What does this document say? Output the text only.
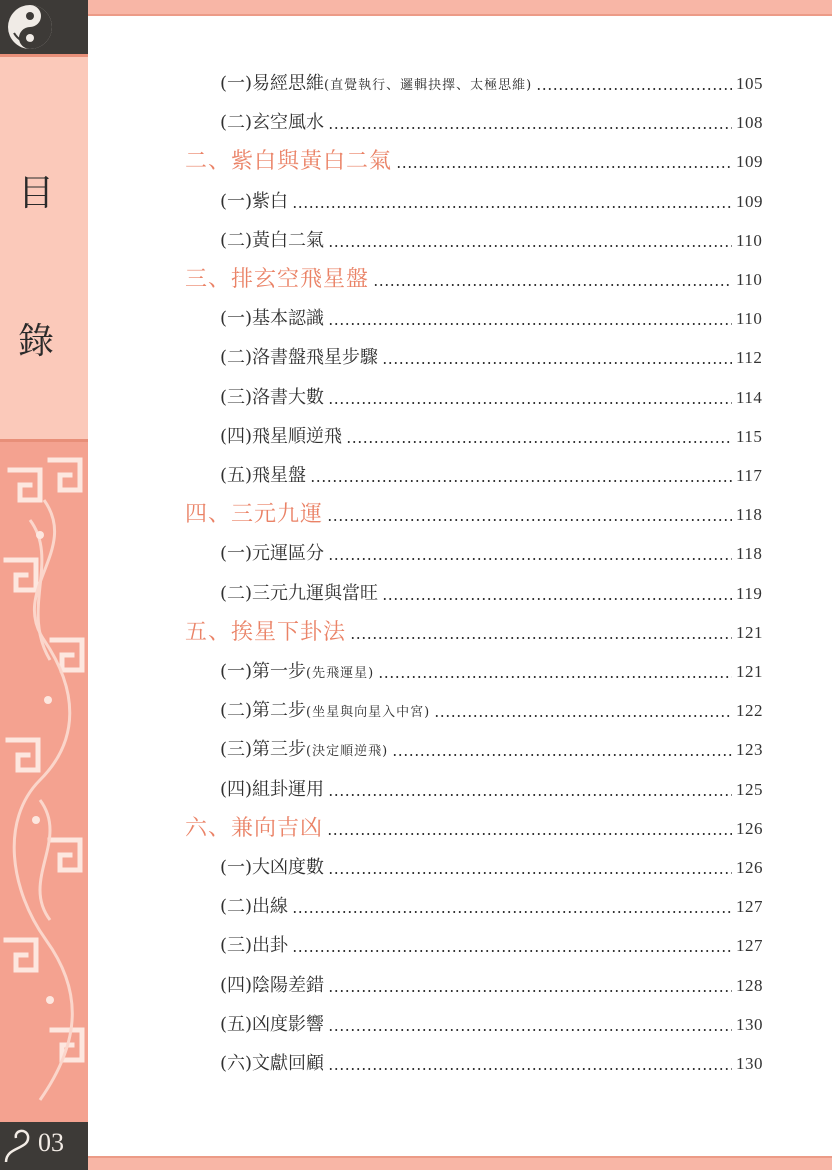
目
錄
03
(一)易經思維(直覺執行、邏輯抉擇、太極思維)	105
(二)玄空風水	108
二、紫白與黃白二氣	109
(一)紫白	109
(二)黃白二氣	110
三、排玄空飛星盤	110
(一)基本認識	110
(二)洛書盤飛星步驟	112
(三)洛書大數	114
(四)飛星順逆飛	115
(五)飛星盤	117
四、三元九運	118
(一)元運區分	118
(二)三元九運與當旺	119
五、挨星下卦法	121
(一)第一步(先飛運星)	121
(二)第二步(坐星與向星入中宮)	122
(三)第三步(決定順逆飛)	123
(四)組卦運用	125
六、兼向吉凶	126
(一)大凶度數	126
(二)出線	127
(三)出卦	127
(四)陰陽差錯	128
(五)凶度影響	130
(六)文獻回顧	130
